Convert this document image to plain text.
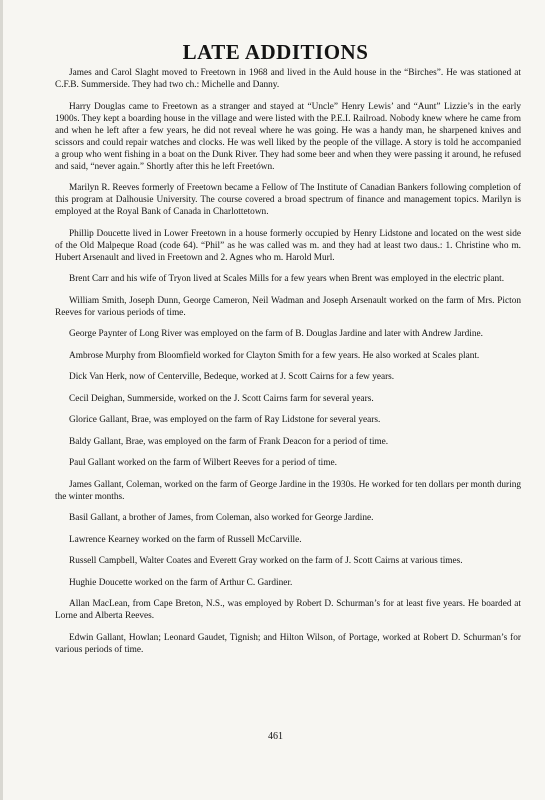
LATE ADDITIONS

James and Carol Slaght moved to Freetown in 1968 and lived in the Auld house in the “Birches”. He was stationed at C.F.B. Summerside. They had two ch.: Michelle and Danny.

Harry Douglas came to Freetown as a stranger and stayed at “Uncle” Henry Lewis’ and “Aunt” Lizzie’s in the early 1900s. They kept a boarding house in the village and were listed with the P.E.I. Railroad. Nobody knew where he came from and when he left after a few years, he did not reveal where he was going. He was a handy man, he sharpened knives and scissors and could repair watches and clocks. He was well liked by the people of the village. A story is told he accompanied a group who went fishing in a boat on the Dunk River. They had some beer and when they were passing it around, he refused and said, “never again.” Shortly after this he left Freetówn.

Marilyn R. Reeves formerly of Freetown became a Fellow of The Institute of Canadian Bankers following completion of this program at Dalhousie University. The course covered a broad spectrum of finance and management topics. Marilyn is employed at the Royal Bank of Canada in Charlottetown.

Phillip Doucette lived in Lower Freetown in a house formerly occupied by Henry Lidstone and located on the west side of the Old Malpeque Road (code 64). “Phil” as he was called was m. and they had at least two daus.: 1. Christine who m. Hubert Arsenault and lived in Freetown and 2. Agnes who m. Harold Murl.

Brent Carr and his wife of Tryon lived at Scales Mills for a few years when Brent was employed in the electric plant.

William Smith, Joseph Dunn, George Cameron, Neil Wadman and Joseph Arsenault worked on the farm of Mrs. Picton Reeves for various periods of time.

George Paynter of Long River was employed on the farm of B. Douglas Jardine and later with Andrew Jardine.

Ambrose Murphy from Bloomfield worked for Clayton Smith for a few years. He also worked at Scales plant.

Dick Van Herk, now of Centerville, Bedeque, worked at J. Scott Cairns for a few years.

Cecil Deighan, Summerside, worked on the J. Scott Cairns farm for several years.

Glorice Gallant, Brae, was employed on the farm of Ray Lidstone for several years.

Baldy Gallant, Brae, was employed on the farm of Frank Deacon for a period of time.

Paul Gallant worked on the farm of Wilbert Reeves for a period of time.

James Gallant, Coleman, worked on the farm of George Jardine in the 1930s. He worked for ten dollars per month during the winter months.

Basil Gallant, a brother of James, from Coleman, also worked for George Jardine.

Lawrence Kearney worked on the farm of Russell McCarville.

Russell Campbell, Walter Coates and Everett Gray worked on the farm of J. Scott Cairns at various times.

Hughie Doucette worked on the farm of Arthur C. Gardiner.

Allan MacLean, from Cape Breton, N.S., was employed by Robert D. Schurman’s for at least five years. He boarded at Lorne and Alberta Reeves.

Edwin Gallant, Howlan; Leonard Gaudet, Tignish; and Hilton Wilson, of Portage, worked at Robert D. Schurman’s for various periods of time.

461
